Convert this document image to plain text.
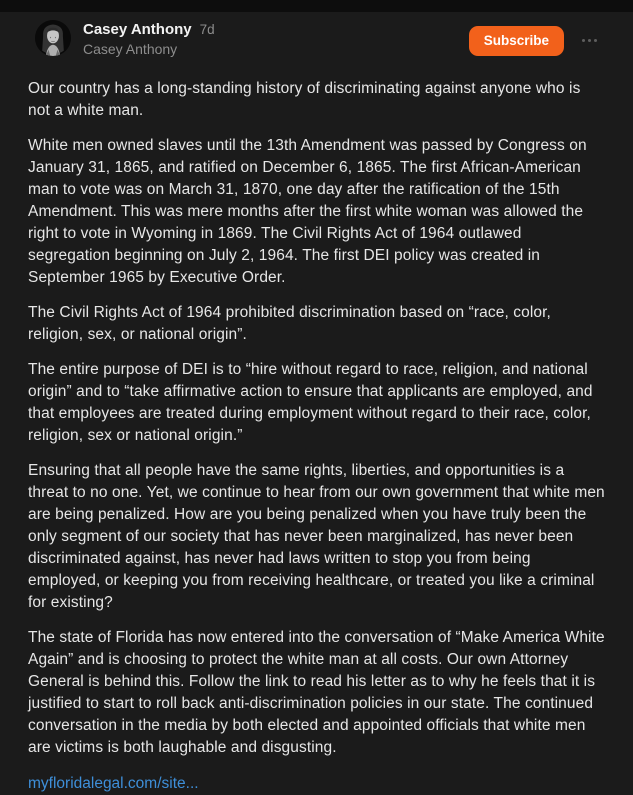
Casey Anthony 7d
Casey Anthony
Subscribe

Our country has a long-standing history of discriminating against anyone who is not a white man.

White men owned slaves until the 13th Amendment was passed by Congress on January 31, 1865, and ratified on December 6, 1865. The first African-American man to vote was on March 31, 1870, one day after the ratification of the 15th Amendment. This was mere months after the first white woman was allowed the right to vote in Wyoming in 1869. The Civil Rights Act of 1964 outlawed segregation beginning on July 2, 1964. The first DEI policy was created in September 1965 by Executive Order.

The Civil Rights Act of 1964 prohibited discrimination based on “race, color, religion, sex, or national origin”.

The entire purpose of DEI is to “hire without regard to race, religion, and national origin” and to “take affirmative action to ensure that applicants are employed, and that employees are treated during employment without regard to their race, color, religion, sex or national origin.”

Ensuring that all people have the same rights, liberties, and opportunities is a threat to no one. Yet, we continue to hear from our own government that white men are being penalized. How are you being penalized when you have truly been the only segment of our society that has never been marginalized, has never been discriminated against, has never had laws written to stop you from being employed, or keeping you from receiving healthcare, or treated you like a criminal for existing?

The state of Florida has now entered into the conversation of “Make America White Again” and is choosing to protect the white man at all costs. Our own Attorney General is behind this. Follow the link to read his letter as to why he feels that it is justified to start to roll back anti-discrimination policies in our state. The continued conversation in the media by both elected and appointed officials that white men are victims is both laughable and disgusting.

myfloridalegal.com/site...
